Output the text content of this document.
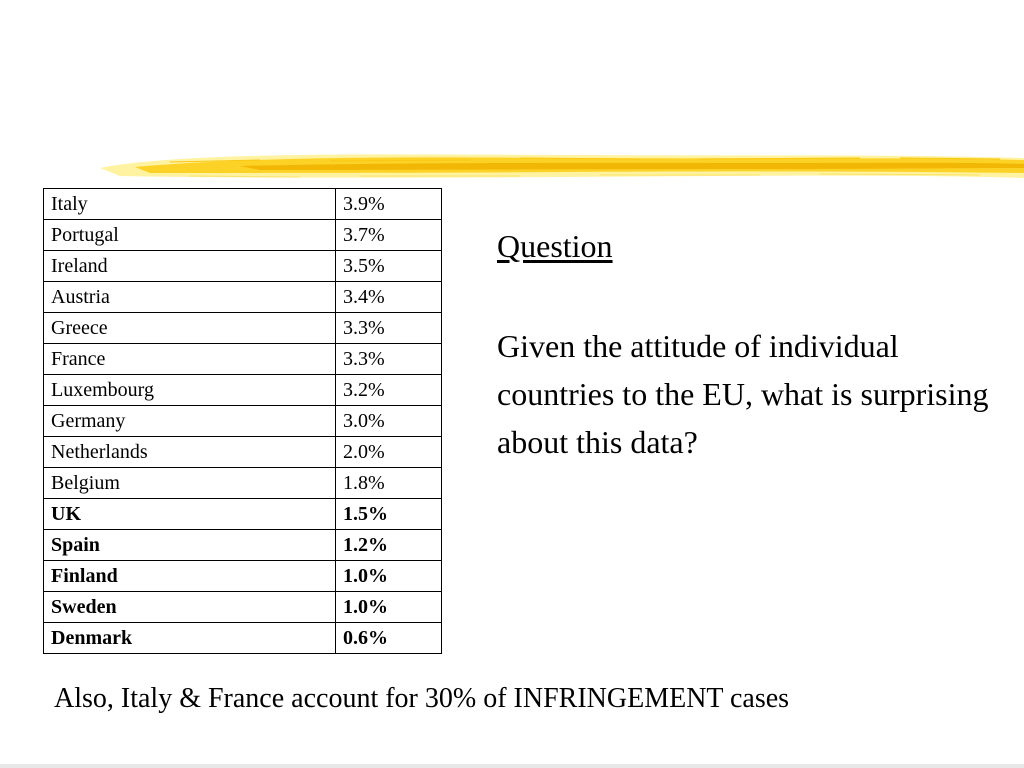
Italy	3.9%
Portugal	3.7%
Ireland	3.5%
Austria	3.4%
Greece	3.3%
France	3.3%
Luxembourg	3.2%
Germany	3.0%
Netherlands	2.0%
Belgium	1.8%
UK	1.5%
Spain	1.2%
Finland	1.0%
Sweden	1.0%
Denmark	0.6%
Question
Given the attitude of individual countries to the EU, what is surprising about this data?
Also, Italy & France account for 30% of INFRINGEMENT cases
